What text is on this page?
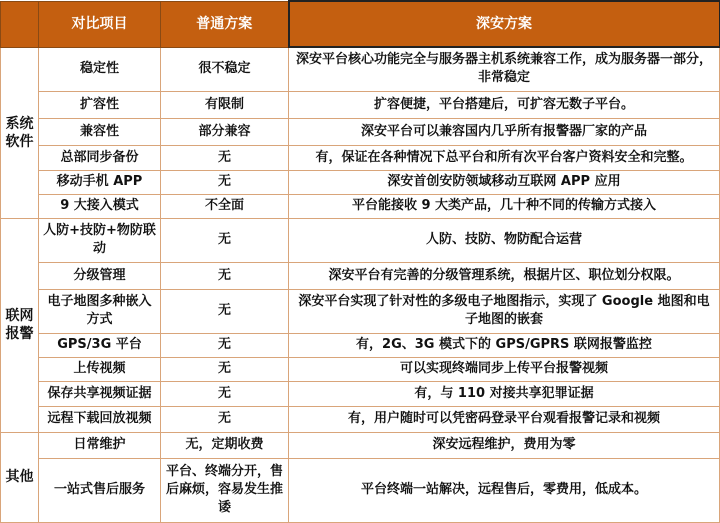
	对比项目	普通方案	深安方案
系统软件	稳定性	很不稳定	深安平台核心功能完全与服务器主机系统兼容工作，成为服务器一部分，非常稳定
	扩容性	有限制	扩容便捷，平台搭建后，可扩容无数子平台。
	兼容性	部分兼容	深安平台可以兼容国内几乎所有报警器厂家的产品
	总部同步备份	无	有，保证在各种情况下总平台和所有次平台客户资料安全和完整。
	移动手机 APP	无	深安首创安防领域移动互联网 APP 应用
	9 大接入模式	不全面	平台能接收 9 大类产品，几十种不同的传输方式接入
联网报警	人防+技防+物防联动	无	人防、技防、物防配合运营
	分级管理	无	深安平台有完善的分级管理系统，根据片区、职位划分权限。
	电子地图多种嵌入方式	无	深安平台实现了针对性的多级电子地图指示，实现了 Google 地图和电子地图的嵌套
	GPS/3G 平台	无	有，2G、3G 模式下的 GPS/GPRS 联网报警监控
	上传视频	无	可以实现终端同步上传平台报警视频
	保存共享视频证据	无	有，与 110 对接共享犯罪证据
	远程下载回放视频	无	有，用户随时可以凭密码登录平台观看报警记录和视频
其他	日常维护	无，定期收费	深安远程维护，费用为零
	一站式售后服务	平台、终端分开，售后麻烦，容易发生推诿	平台终端一站解决，远程售后，零费用，低成本。
